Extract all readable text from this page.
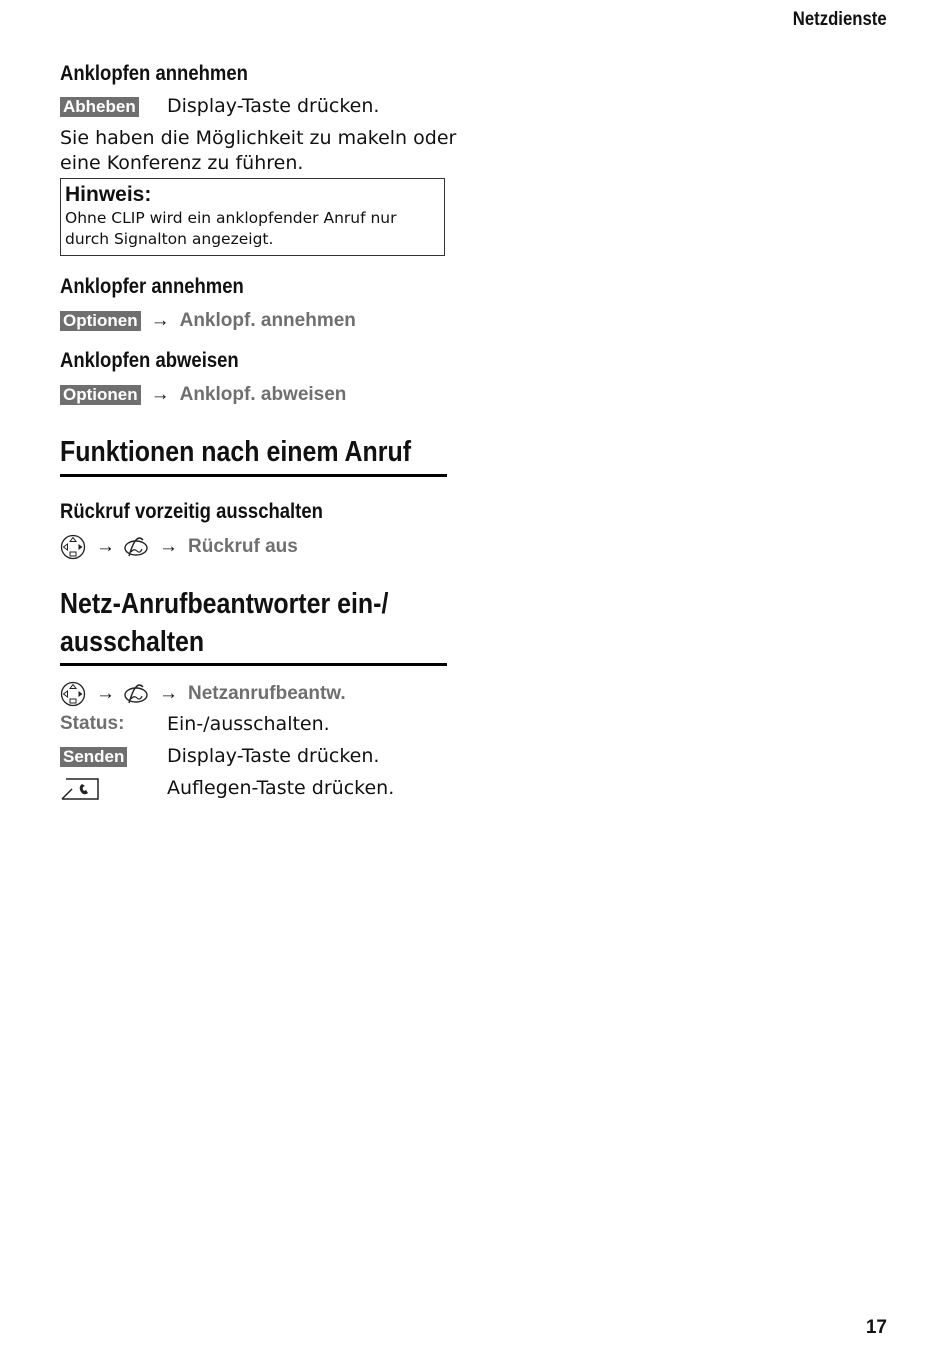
Netzdienste
Anklopfen annehmen
Abheben Display-Taste drücken.
Sie haben die Möglichkeit zu makeln oder eine Konferenz zu führen.
Hinweis:
Ohne CLIP wird ein anklopfender Anruf nur durch Signalton angezeigt.
Anklopfer annehmen
Optionen → Anklopf. annehmen
Anklopfen abweisen
Optionen → Anklopf. abweisen
Funktionen nach einem Anruf
Rückruf vorzeitig ausschalten
→ → Rückruf aus
Netz-Anrufbeantworter ein-/
ausschalten
→ → Netzanrufbeantw.
Status: Ein-/ausschalten.
Senden Display-Taste drücken.
Auflegen-Taste drücken.
17
